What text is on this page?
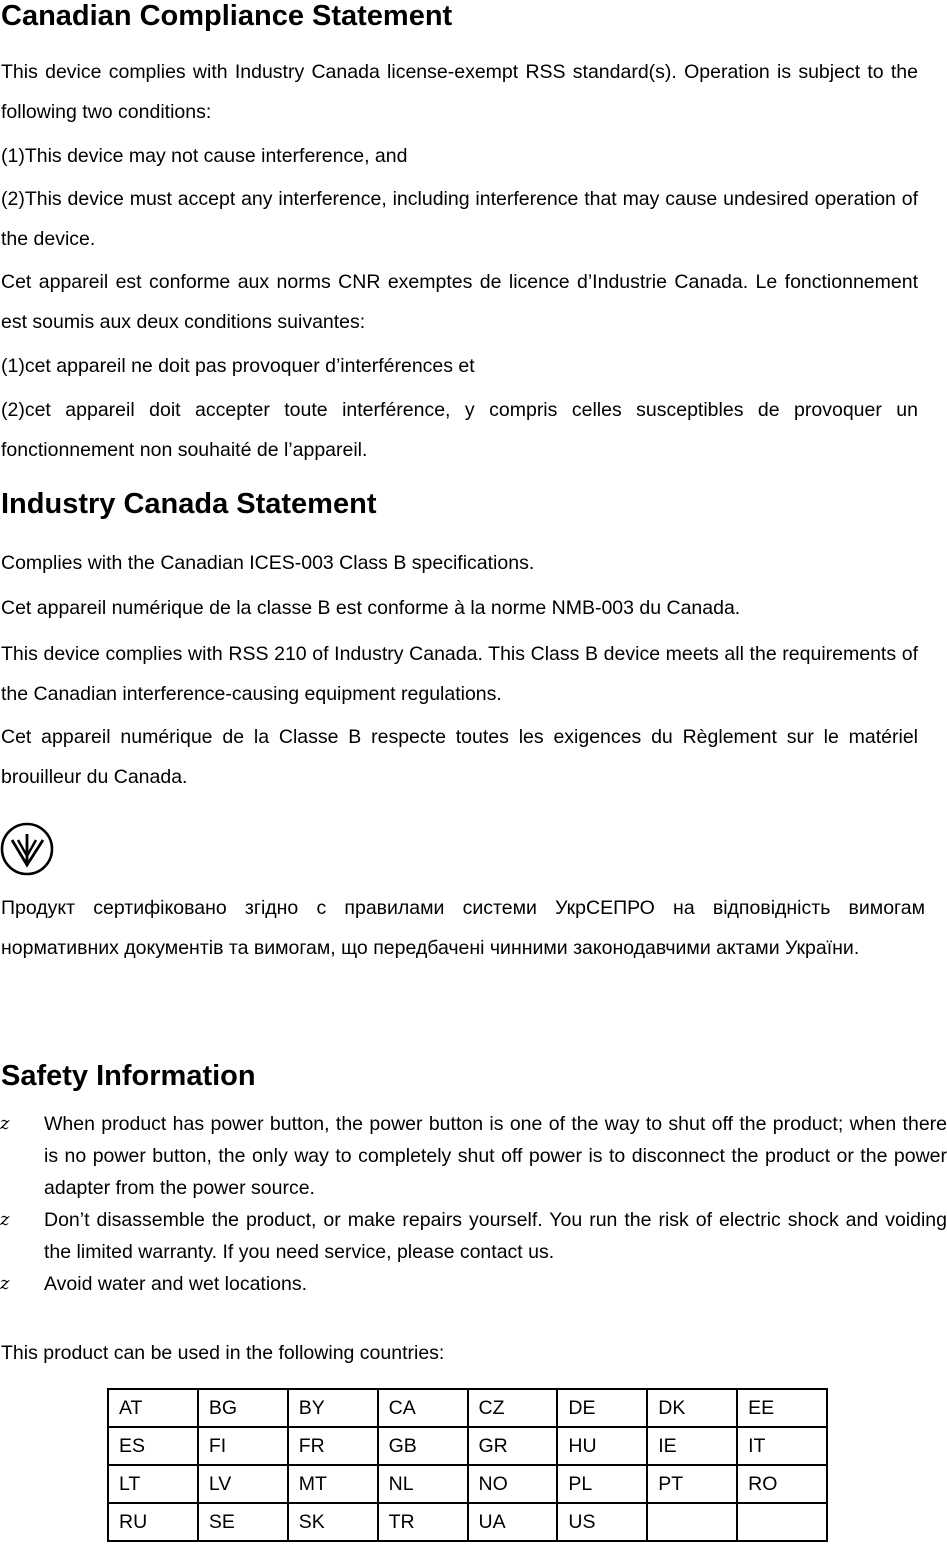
Canadian Compliance Statement

This device complies with Industry Canada license-exempt RSS standard(s). Operation is subject to the following two conditions:

(1)This device may not cause interference, and

(2)This device must accept any interference, including interference that may cause undesired operation of the device.

Cet appareil est conforme aux norms CNR exemptes de licence d’Industrie Canada. Le fonctionnement est soumis aux deux conditions suivantes:

(1)cet appareil ne doit pas provoquer d’interférences et

(2)cet appareil doit accepter toute interférence, y compris celles susceptibles de provoquer un fonctionnement non souhaité de l’appareil.

Industry Canada Statement

Complies with the Canadian ICES-003 Class B specifications.

Cet appareil numérique de la classe B est conforme à la norme NMB-003 du Canada.

This device complies with RSS 210 of Industry Canada. This Class B device meets all the requirements of the Canadian interference-causing equipment regulations.

Cet appareil numérique de la Classe B respecte toutes les exigences du Règlement sur le matériel brouilleur du Canada.

Продукт сертифіковано згідно с правилами системи УкрСЕПРО на відповідність вимогам нормативних документів та вимогам, що передбачені чинними законодавчими актами України.

Safety Information
z	When product has power button, the power button is one of the way to shut off the product; when there is no power button, the only way to completely shut off power is to disconnect the product or the power adapter from the power source.
z	Don’t disassemble the product, or make repairs yourself. You run the risk of electric shock and voiding the limited warranty. If you need service, please contact us.
z	Avoid water and wet locations.

This product can be used in the following countries:

AT	BG	BY	CA	CZ	DE	DK	EE
ES	FI	FR	GB	GR	HU	IE	IT
LT	LV	MT	NL	NO	PL	PT	RO
RU	SE	SK	TR	UA	US		
